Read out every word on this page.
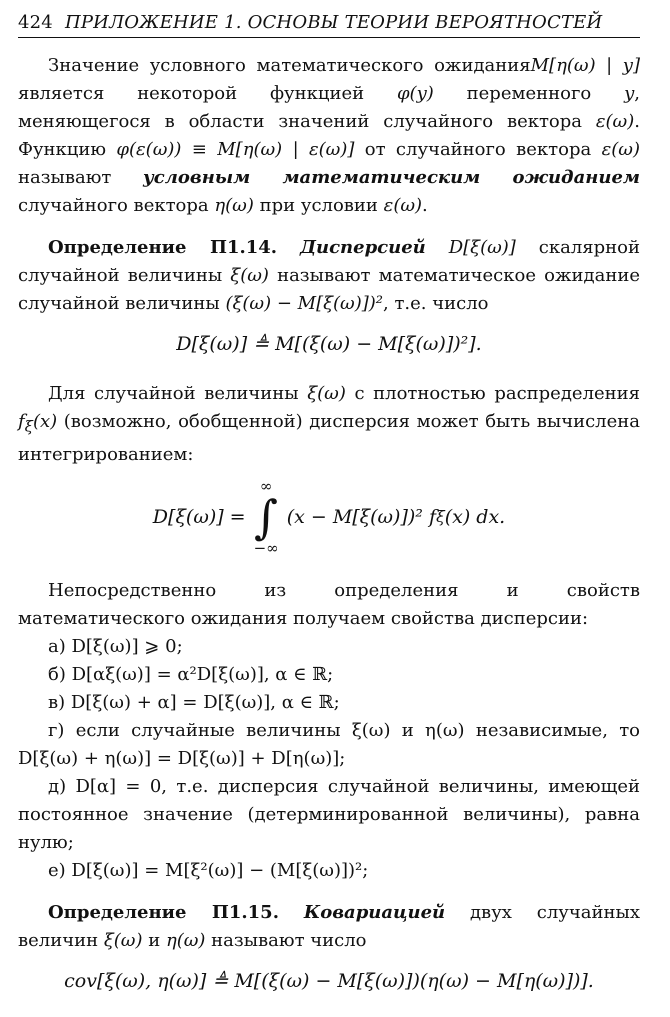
424 ПРИЛОЖЕНИЕ 1. ОСНОВЫ ТЕОРИИ ВЕРОЯТНОСТЕЙ

Значение условного математического ожиданияM[η(ω) | y] является некоторой функцией φ(y) переменного y, меняющегося в области значений случайного вектора ε(ω). Функцию φ(ε(ω)) ≡ M[η(ω) | ε(ω)] от случайного вектора ε(ω) называют условным математическим ожиданием случайного вектора η(ω) при условии ε(ω).

Определение П1.14. Дисперсией D[ξ(ω)] скалярной случайной величины ξ(ω) называют математическое ожидание случайной величины (ξ(ω) − M[ξ(ω)])², т.е. число

D[ξ(ω)] ≜ M[(ξ(ω) − M[ξ(ω)])²].

Для случайной величины ξ(ω) с плотностью распределения $f_\xi(x)$ (возможно, обобщенной) дисперсия может быть вычислена интегрированием:

D[ξ(ω)] =
∞
∫
−∞
(x − M[ξ(ω)])² f ξ (x) dx.

Непосредственно из определения и свойств математического ожидания получаем свойства дисперсии:

а) D[ξ(ω)] ⩾ 0;
б) D[αξ(ω)] = α²D[ξ(ω)], α ∈ ℝ;
в) D[ξ(ω) + α] = D[ξ(ω)], α ∈ ℝ;

г) если случайные величины ξ(ω) и η(ω) независимые, то D[ξ(ω) + η(ω)] = D[ξ(ω)] + D[η(ω)];

д) D[α] = 0, т.е. дисперсия случайной величины, имеющей постоянное значение (детерминированной величины), равна нулю;

е) D[ξ(ω)] = M[ξ²(ω)] − (M[ξ(ω)])²;

Определение П1.15. Ковариацией двух случайных величин ξ(ω) и η(ω) называют число

cov[ξ(ω), η(ω)] ≜ M[(ξ(ω) − M[ξ(ω)])(η(ω) − M[η(ω)])].
